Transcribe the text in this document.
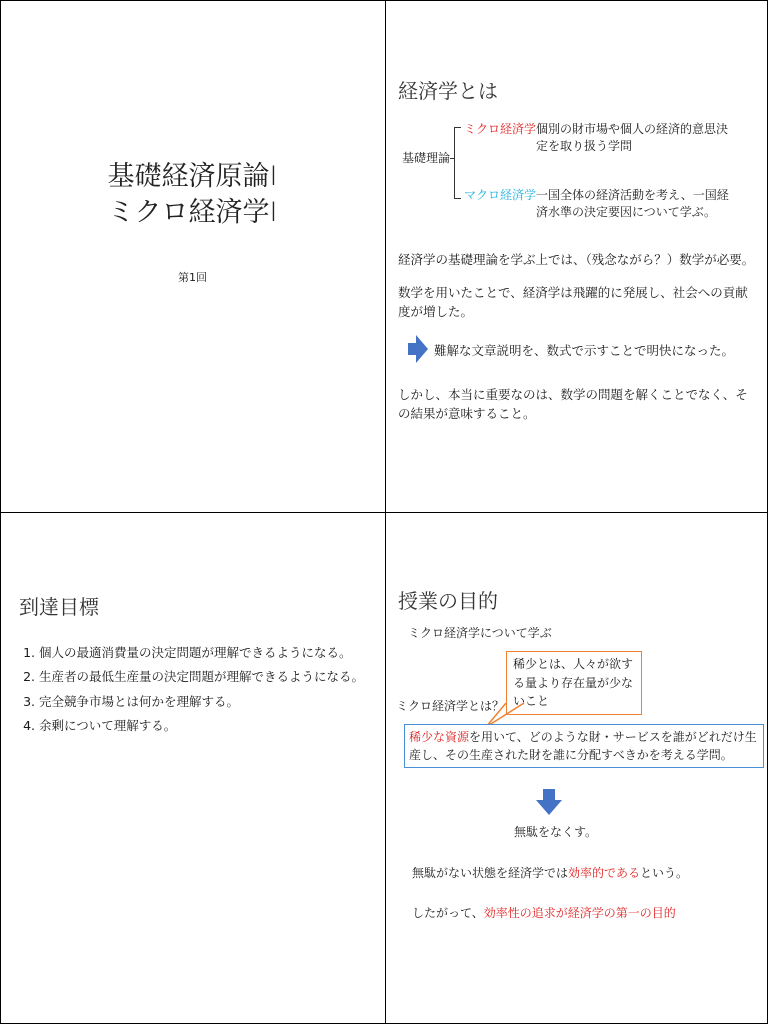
基礎経済原論I
ミクロ経済学I
第1回
経済学とは
基礎理論
ミクロ経済学 個別の財市場や個人の経済的意思決定を取り扱う学問
マクロ経済学 一国全体の経済活動を考え、一国経済水準の決定要因について学ぶ。
経済学の基礎理論を学ぶ上では、（残念ながら？）数学が必要。
数学を用いたことで、経済学は飛躍的に発展し、社会への貢献度が増した。
難解な文章説明を、数式で示すことで明快になった。
しかし、本当に重要なのは、数学の問題を解くことでなく、その結果が意味すること。
到達目標
1. 個人の最適消費量の決定問題が理解できるようになる。
2. 生産者の最低生産量の決定問題が理解できるようになる。
3. 完全競争市場とは何かを理解する。
4. 余剰について理解する。
授業の目的
ミクロ経済学について学ぶ
稀少とは、人々が欲する量より存在量が少ないこと
ミクロ経済学とは？
稀少な資源を用いて、どのような財・サービスを誰がどれだけ生産し、その生産された財を誰に分配すべきかを考える学問。
無駄をなくす。
無駄がない状態を経済学では効率的であるという。
したがって、効率性の追求が経済学の第一の目的
